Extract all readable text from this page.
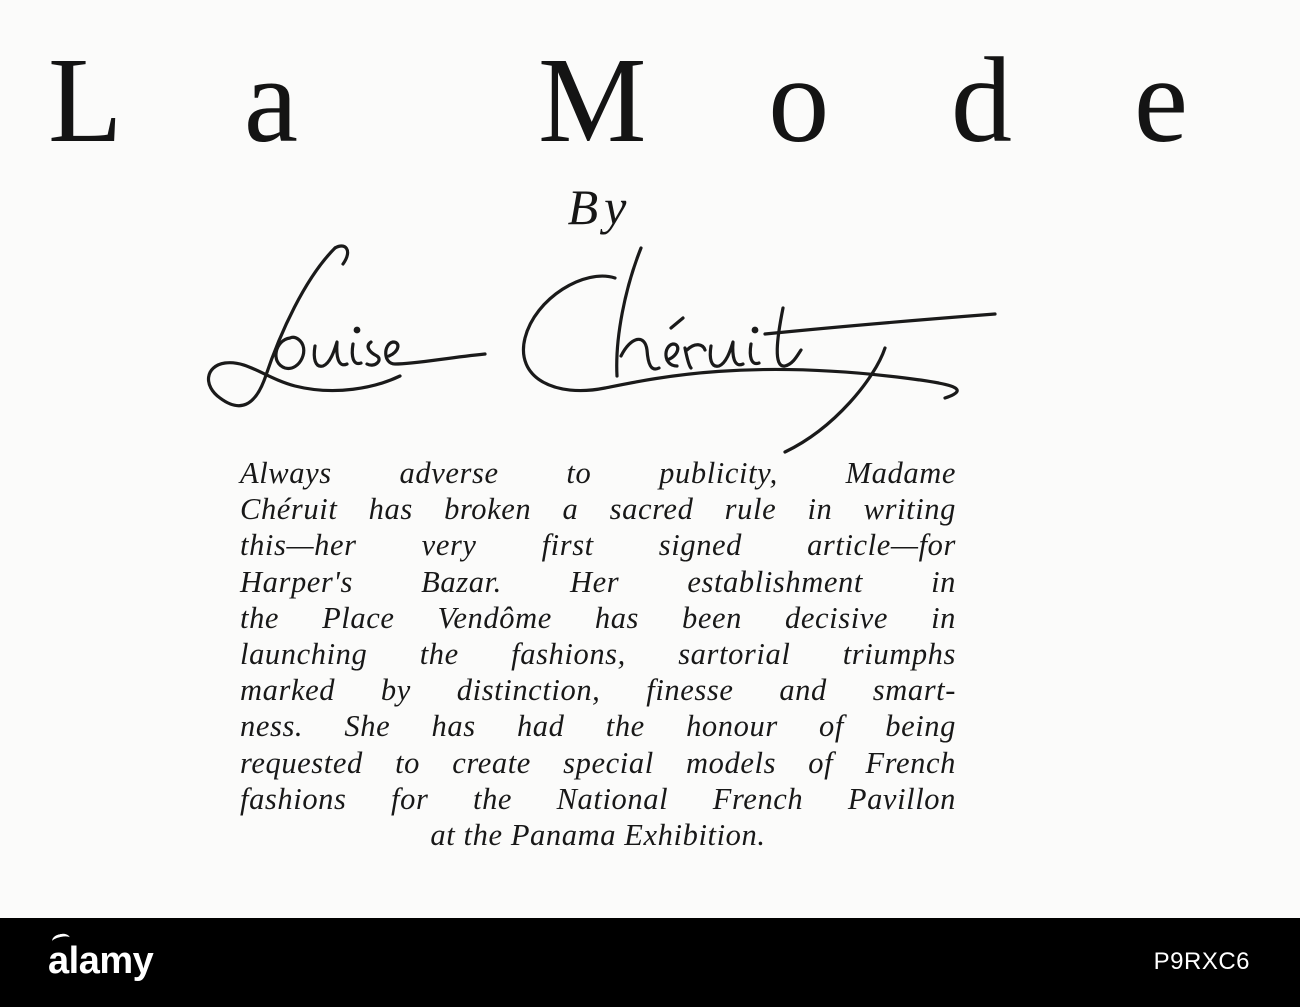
L a M o d e
By
Always adverse to publicity, Madame
Chéruit has broken a sacred rule in writing
this—her very first signed article—for
Harper's Bazar. Her establishment in
the Place Vendôme has been decisive in
launching the fashions, sartorial triumphs
marked by distinction, finesse and smart-
ness. She has had the honour of being
requested to create special models of French
fashions for the National French Pavillon
at the Panama Exhibition.
alamy	P9RXC6
